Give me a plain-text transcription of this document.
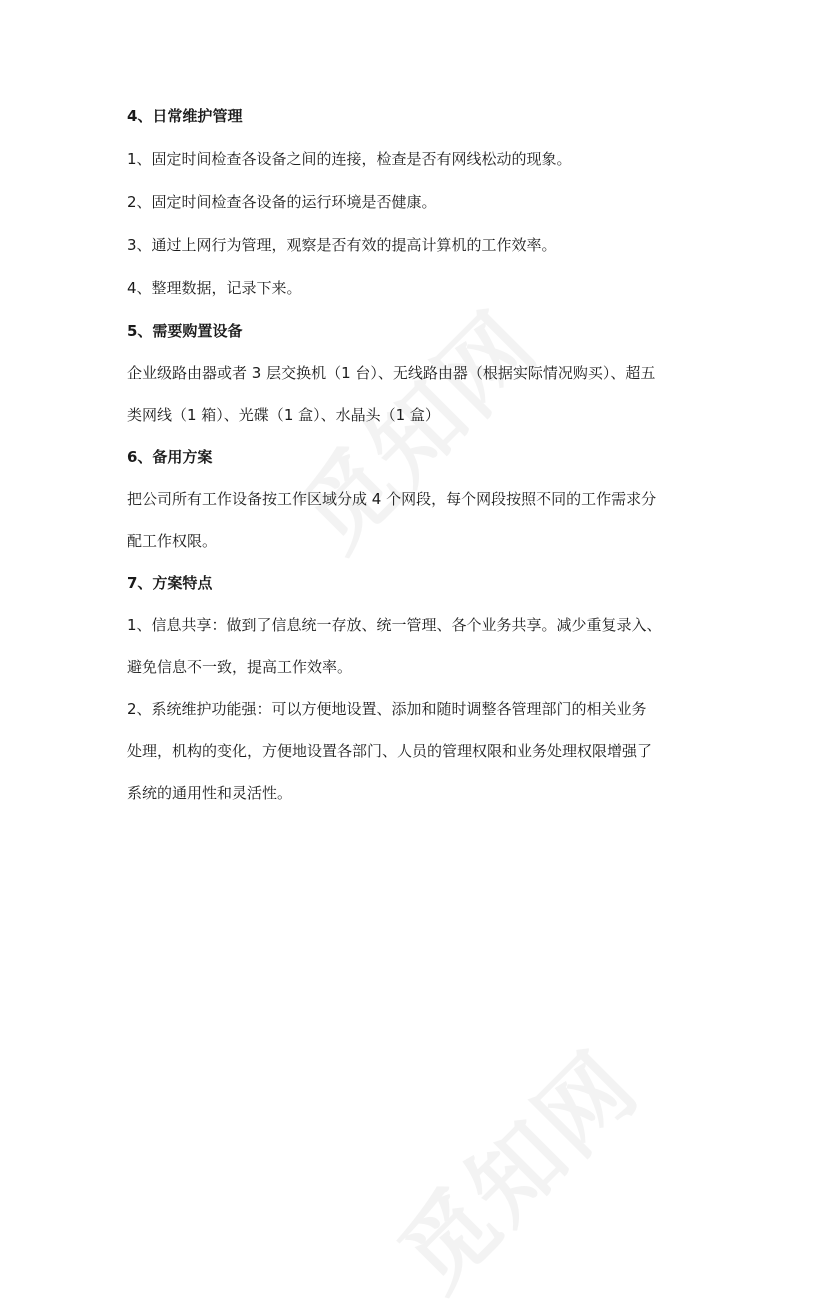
4、日常维护管理
1、固定时间检查各设备之间的连接，检查是否有网线松动的现象。
2、固定时间检查各设备的运行环境是否健康。
3、通过上网行为管理，观察是否有效的提高计算机的工作效率。
4、整理数据，记录下来。
5、需要购置设备
企业级路由器或者 3 层交换机（1 台）、无线路由器（根据实际情况购买）、超五
类网线（1 箱）、光碟（1 盒）、水晶头（1 盒）
6、备用方案
把公司所有工作设备按工作区域分成 4 个网段，每个网段按照不同的工作需求分
配工作权限。
7、方案特点
1、信息共享：做到了信息统一存放、统一管理、各个业务共享。减少重复录入、
避免信息不一致，提高工作效率。
2、系统维护功能强：可以方便地设置、添加和随时调整各管理部门的相关业务
处理，机构的变化，方便地设置各部门、人员的管理权限和业务处理权限增强了
系统的通用性和灵活性。
